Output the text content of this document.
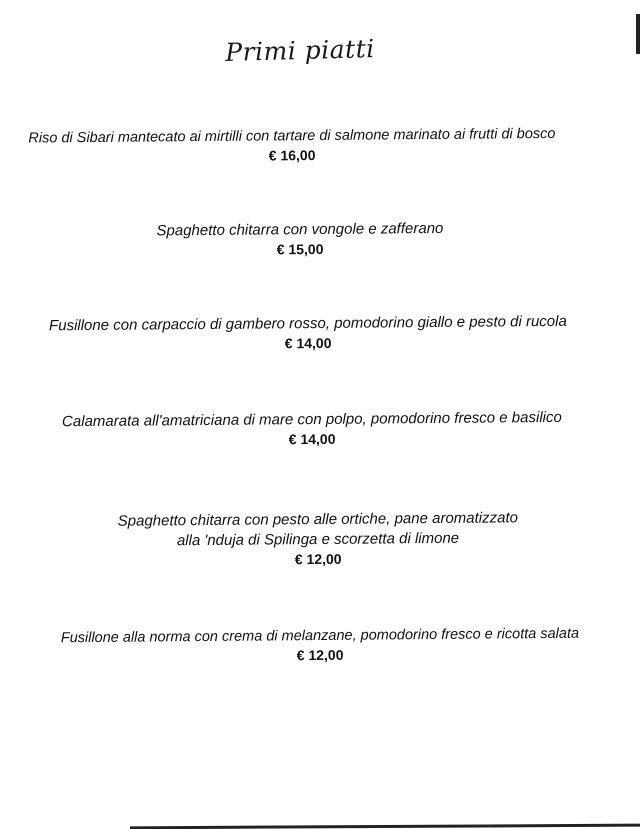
Primi piatti
Riso di Sibari mantecato ai mirtilli con tartare di salmone marinato ai frutti di bosco
€ 16,00
Spaghetto chitarra con vongole e zafferano
€ 15,00
Fusillone con carpaccio di gambero rosso, pomodorino giallo e pesto di rucola
€ 14,00
Calamarata all'amatriciana di mare con polpo, pomodorino fresco e basilico
€ 14,00
Spaghetto chitarra con pesto alle ortiche, pane aromatizzato
alla 'nduja di Spilinga e scorzetta di limone
€ 12,00
Fusillone alla norma con crema di melanzane, pomodorino fresco e ricotta salata
€ 12,00
